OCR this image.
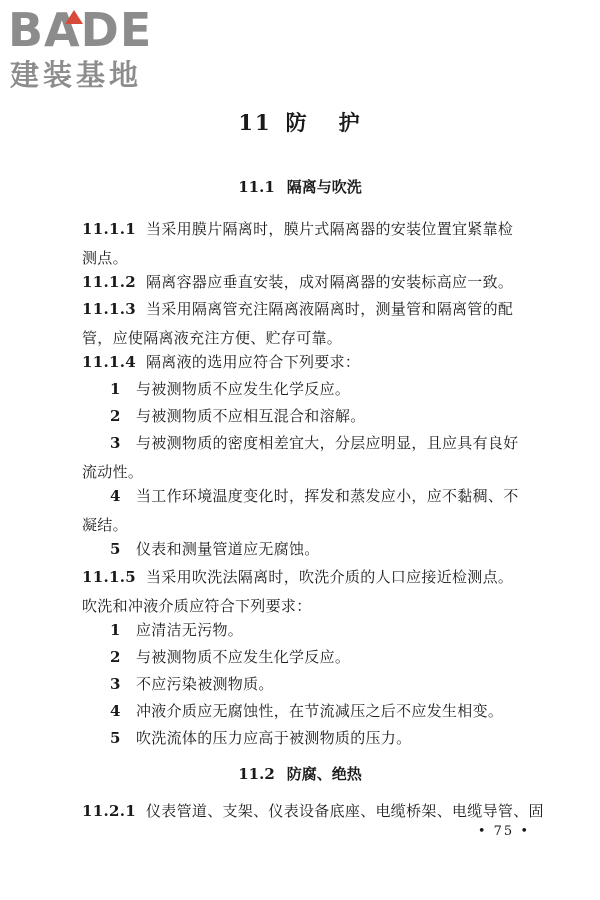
BADE
建装基地
11 防 护
11.1 隔离与吹洗
11.1.1 当采用膜片隔离时，膜片式隔离器的安装位置宜紧靠检
测点。
11.1.2 隔离容器应垂直安装，成对隔离器的安装标高应一致。
11.1.3 当采用隔离管充注隔离液隔离时，测量管和隔离管的配
管，应使隔离液充注方便、贮存可靠。
11.1.4 隔离液的选用应符合下列要求：
1 与被测物质不应发生化学反应。
2 与被测物质不应相互混合和溶解。
3 与被测物质的密度相差宜大，分层应明显，且应具有良好
流动性。
4 当工作环境温度变化时，挥发和蒸发应小，应不黏稠、不
凝结。
5 仪表和测量管道应无腐蚀。
11.1.5 当采用吹洗法隔离时，吹洗介质的人口应接近检测点。
吹洗和冲液介质应符合下列要求：
1 应清洁无污物。
2 与被测物质不应发生化学反应。
3 不应污染被测物质。
4 冲液介质应无腐蚀性，在节流减压之后不应发生相变。
5 吹洗流体的压力应高于被测物质的压力。
11.2 防腐、绝热
11.2.1 仪表管道、支架、仪表设备底座、电缆桥架、电缆导管、固
• 75 •
